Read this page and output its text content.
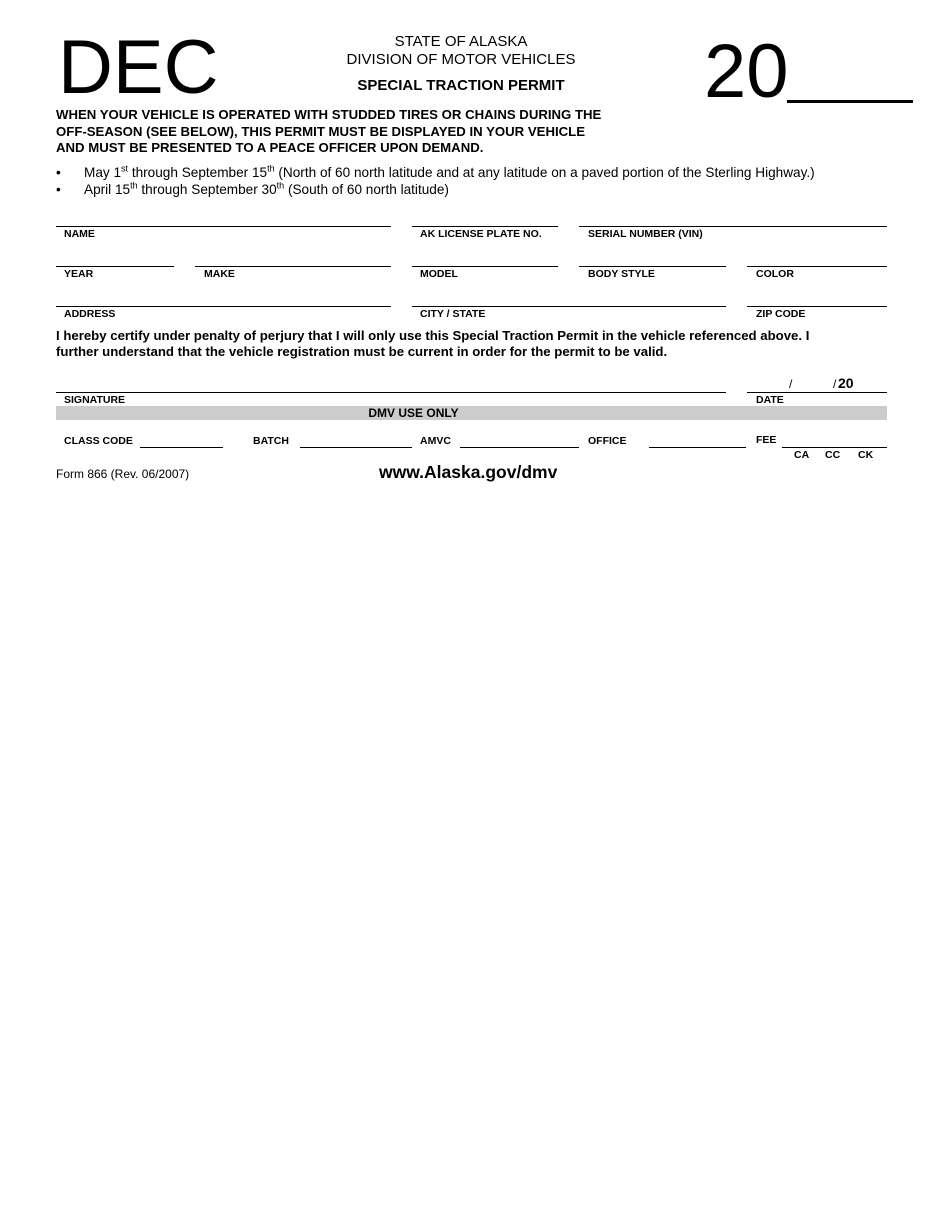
DEC	STATE OF ALASKA
DIVISION OF MOTOR VEHICLES
SPECIAL TRACTION PERMIT	20
WHEN YOUR VEHICLE IS OPERATED WITH STUDDED TIRES OR CHAINS DURING THE
OFF-SEASON (SEE BELOW), THIS PERMIT MUST BE DISPLAYED IN YOUR VEHICLE
AND MUST BE PRESENTED TO A PEACE OFFICER UPON DEMAND.
• May 1st through September 15th (North of 60 north latitude and at any latitude on a paved portion of the Sterling Highway.)
• April 15th through September 30th (South of 60 north latitude)
NAME	AK LICENSE PLATE NO.	SERIAL NUMBER (VIN)
YEAR	MAKE	MODEL	BODY STYLE	COLOR
ADDRESS	CITY / STATE	ZIP CODE
I hereby certify under penalty of perjury that I will only use this Special Traction Permit in the vehicle referenced above. I
further understand that the vehicle registration must be current in order for the permit to be valid.
SIGNATURE
/	/ 20
DATE
DMV USE ONLY
CLASS CODE	BATCH	AMVC	OFFICE	FEE
CA CC CK
Form 866 (Rev. 06/2007)	www.Alaska.gov/dmv
